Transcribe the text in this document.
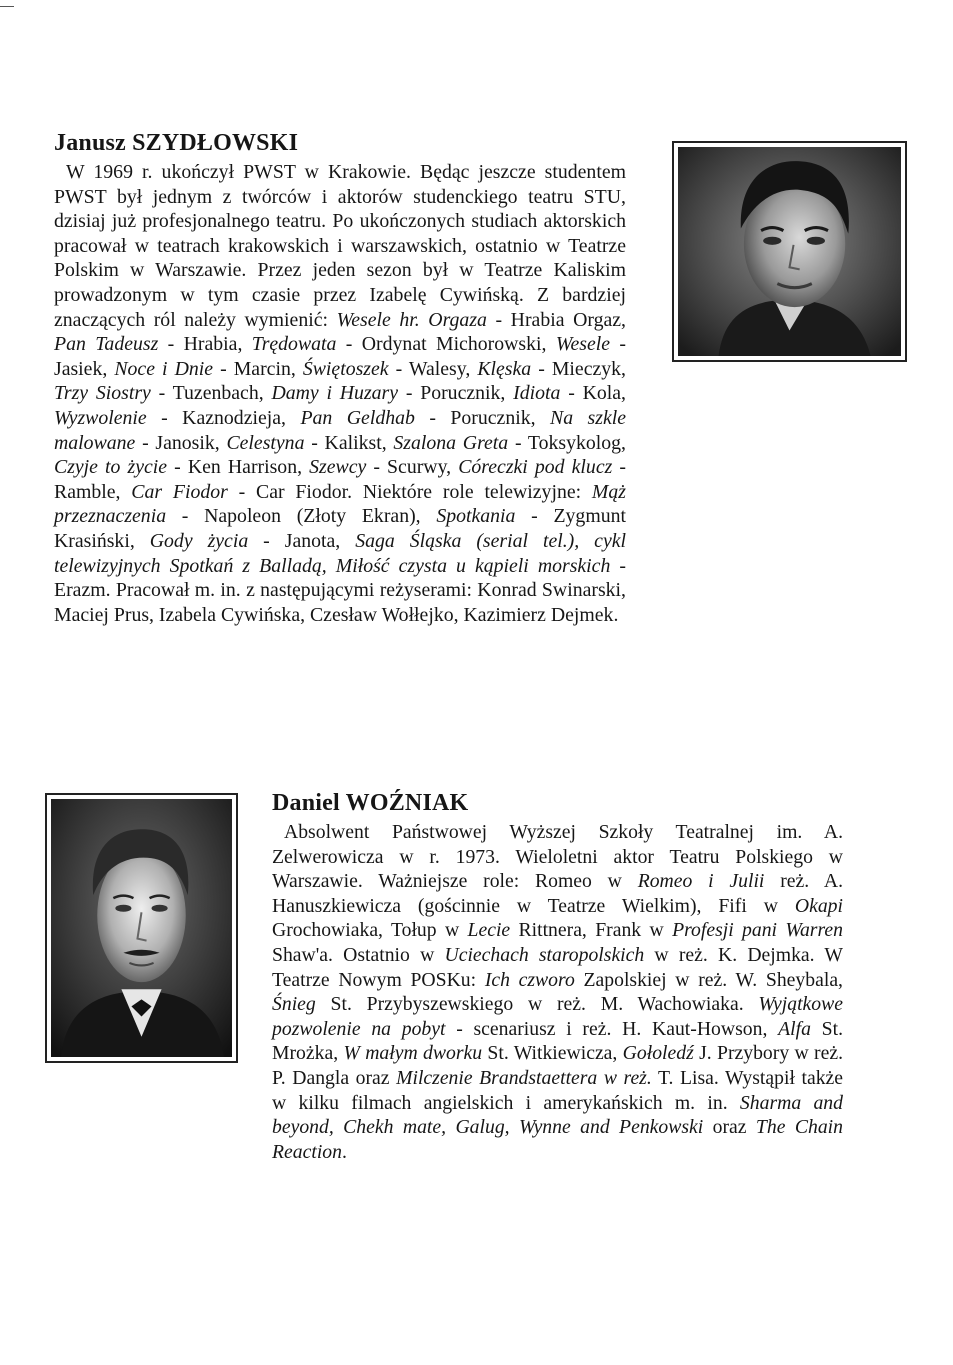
Janusz SZYDŁOWSKI

W 1969 r. ukończył PWST w Krakowie. Będąc jeszcze studentem PWST był jednym z twórców i aktorów studenckiego teatru STU, dzisiaj już profesjonalnego teatru. Po ukończonych studiach aktorskich pracował w teatrach krakowskich i warszawskich, ostatnio w Teatrze Polskim w Warszawie. Przez jeden sezon był w Teatrze Kaliskim prowadzonym w tym czasie przez Izabelę Cywińską. Z bardziej znaczących ról należy wymienić: Wesele hr. Orgaza - Hrabia Orgaz, Pan Tadeusz - Hrabia, Trędowata - Ordynat Michorowski, Wesele - Jasiek, Noce i Dnie - Marcin, Świętoszek - Walesy, Klęska - Mieczyk, Trzy Siostry - Tuzenbach, Damy i Huzary - Porucznik, Idiota - Kola, Wyzwolenie - Kaznodzieja, Pan Geldhab - Porucznik, Na szkle malowane - Janosik, Celestyna - Kalikst, Szalona Greta - Toksykolog, Czyje to życie - Ken Harrison, Szewcy - Scurwy, Córeczki pod klucz - Ramble, Car Fiodor - Car Fiodor. Niektóre role telewizyjne: Mąż przeznaczenia - Napoleon (Złoty Ekran), Spotkania - Zygmunt Krasiński, Gody życia - Janota, Saga Śląska (serial tel.), cykl telewizyjnych Spotkań z Balladą, Miłość czysta u kąpieli morskich - Erazm. Pracował m. in. z następującymi reżyserami: Konrad Swinarski, Maciej Prus, Izabela Cywińska, Czesław Wołłejko, Kazimierz Dejmek.

Daniel WOŹNIAK

Absolwent Państwowej Wyższej Szkoły Teatralnej im. A. Zelwerowicza w r. 1973. Wieloletni aktor Teatru Polskiego w Warszawie. Ważniejsze role: Romeo w Romeo i Julii reż. A. Hanuszkiewicza (gościnnie w Teatrze Wielkim), Fifi w Okapi Grochowiaka, Tołup w Lecie Rittnera, Frank w Profesji pani Warren Shaw'a. Ostatnio w Uciechach staropolskich w reż. K. Dejmka. W Teatrze Nowym POSKu: Ich czworo Zapolskiej w reż. W. Sheybala, Śnieg St. Przybyszewskiego w reż. M. Wachowiaka. Wyjątkowe pozwolenie na pobyt - scenariusz i reż. H. Kaut-Howson, Alfa St. Mrożka, W małym dworku St. Witkiewicza, Gołoledź J. Przybory w reż. P. Dangla oraz Milczenie Brandstaettera w reż. T. Lisa. Wystąpił także w kilku filmach angielskich i amerykańskich m. in. Sharma and beyond, Chekh mate, Galug, Wynne and Penkowski oraz The Chain Reaction.
